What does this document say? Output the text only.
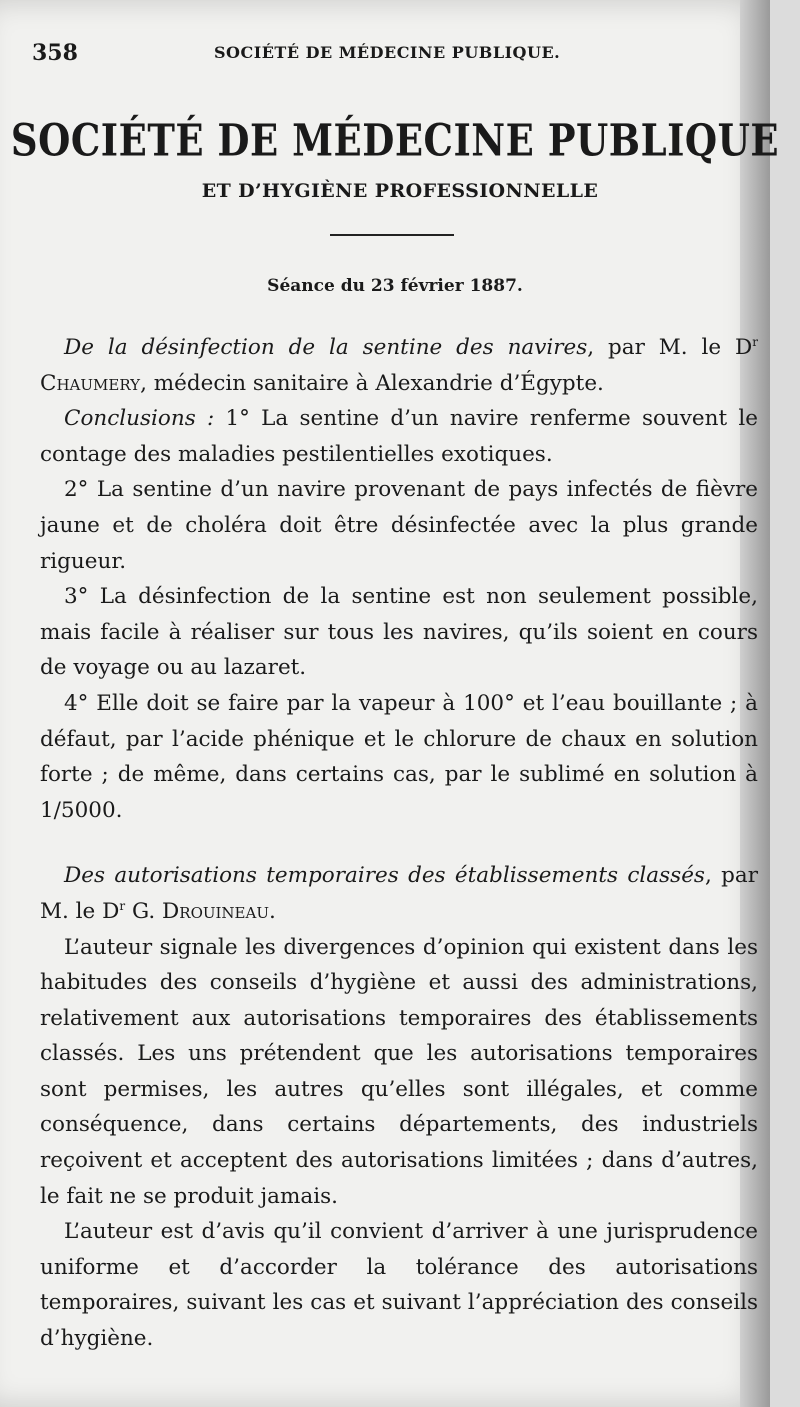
358	SOCIÉTÉ DE MÉDECINE PUBLIQUE.
SOCIÉTÉ DE MÉDECINE PUBLIQUE
ET D’HYGIÈNE PROFESSIONNELLE
Séance du 23 février 1887.

De la désinfection de la sentine des navires, par M. le $D^r$ Chaumery, médecin sanitaire à Alexandrie d’Égypte.

Conclusions : 1° La sentine d’un navire renferme souvent le contage des maladies pestilentielles exotiques.

2° La sentine d’un navire provenant de pays infectés de fièvre jaune et de choléra doit être désinfectée avec la plus grande rigueur.

3° La désinfection de la sentine est non seulement possible, mais facile à réaliser sur tous les navires, qu’ils soient en cours de voyage ou au lazaret.

4° Elle doit se faire par la vapeur à 100° et l’eau bouillante ; à défaut, par l’acide phénique et le chlorure de chaux en solution forte ; de même, dans certains cas, par le sublimé en solution à 1/5000.

Des autorisations temporaires des établissements classés, par M. le $D^r$ G. Drouineau.

L’auteur signale les divergences d’opinion qui existent dans les habitudes des conseils d’hygiène et aussi des administrations, relativement aux autorisations temporaires des établissements classés. Les uns prétendent que les autorisations temporaires sont permises, les autres qu’elles sont illégales, et comme conséquence, dans certains départements, des industriels reçoivent et acceptent des autorisations limitées ; dans d’autres, le fait ne se produit jamais.

L’auteur est d’avis qu’il convient d’arriver à une jurisprudence uniforme et d’accorder la tolérance des autorisations temporaires, suivant les cas et suivant l’appréciation des conseils d’hygiène.
